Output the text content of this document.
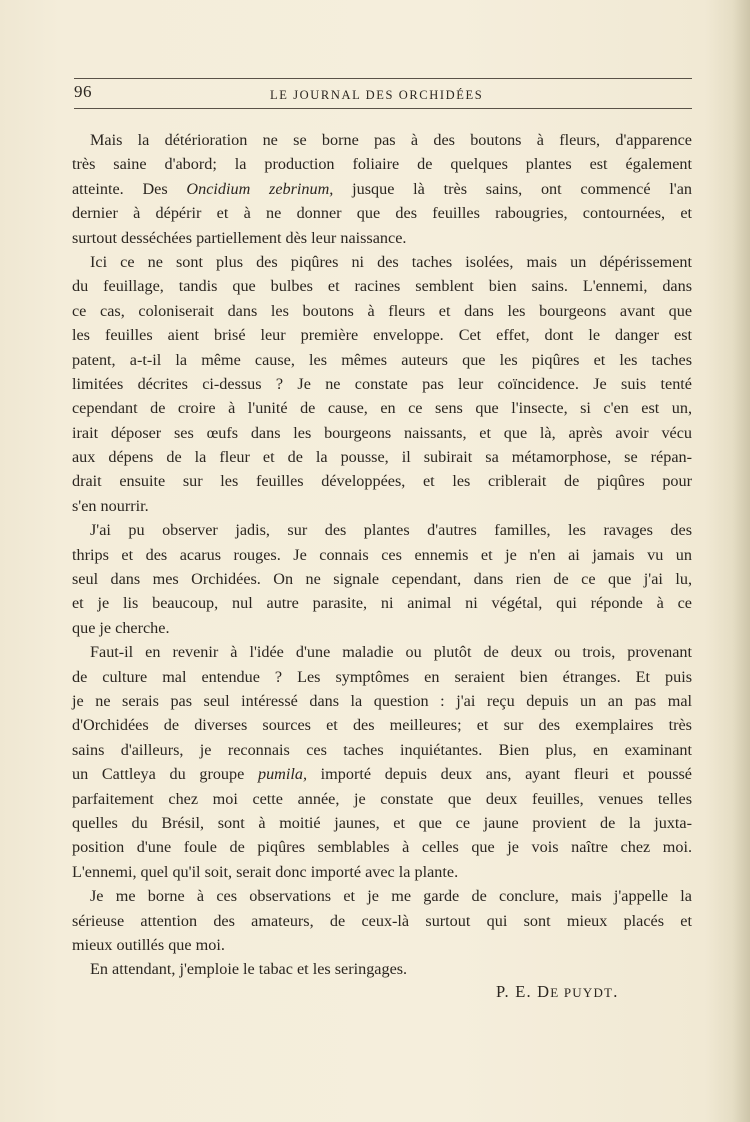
96	LE JOURNAL DES ORCHIDÉES
Mais la détérioration ne se borne pas à des boutons à fleurs, d'apparence
très saine d'abord; la production foliaire de quelques plantes est également
atteinte. Des Oncidium zebrinum, jusque là très sains, ont commencé l'an
dernier à dépérir et à ne donner que des feuilles rabougries, contournées, et
surtout desséchées partiellement dès leur naissance.
Ici ce ne sont plus des piqûres ni des taches isolées, mais un dépérissement
du feuillage, tandis que bulbes et racines semblent bien sains. L'ennemi, dans
ce cas, coloniserait dans les boutons à fleurs et dans les bourgeons avant que
les feuilles aient brisé leur première enveloppe. Cet effet, dont le danger est
patent, a-t-il la même cause, les mêmes auteurs que les piqûres et les taches
limitées décrites ci-dessus ? Je ne constate pas leur coïncidence. Je suis tenté
cependant de croire à l'unité de cause, en ce sens que l'insecte, si c'en est un,
irait déposer ses œufs dans les bourgeons naissants, et que là, après avoir vécu
aux dépens de la fleur et de la pousse, il subirait sa métamorphose, se répan-
drait ensuite sur les feuilles développées, et les criblerait de piqûres pour
s'en nourrir.
J'ai pu observer jadis, sur des plantes d'autres familles, les ravages des
thrips et des acarus rouges. Je connais ces ennemis et je n'en ai jamais vu un
seul dans mes Orchidées. On ne signale cependant, dans rien de ce que j'ai lu,
et je lis beaucoup, nul autre parasite, ni animal ni végétal, qui réponde à ce
que je cherche.
Faut-il en revenir à l'idée d'une maladie ou plutôt de deux ou trois, provenant
de culture mal entendue ? Les symptômes en seraient bien étranges. Et puis
je ne serais pas seul intéressé dans la question : j'ai reçu depuis un an pas mal
d'Orchidées de diverses sources et des meilleures; et sur des exemplaires très
sains d'ailleurs, je reconnais ces taches inquiétantes. Bien plus, en examinant
un Cattleya du groupe pumila, importé depuis deux ans, ayant fleuri et poussé
parfaitement chez moi cette année, je constate que deux feuilles, venues telles
quelles du Brésil, sont à moitié jaunes, et que ce jaune provient de la juxta-
position d'une foule de piqûres semblables à celles que je vois naître chez moi.
L'ennemi, quel qu'il soit, serait donc importé avec la plante.
Je me borne à ces observations et je me garde de conclure, mais j'appelle la
sérieuse attention des amateurs, de ceux-là surtout qui sont mieux placés et
mieux outillés que moi.
En attendant, j'emploie le tabac et les seringages.
P. E. DE PUYDT.
